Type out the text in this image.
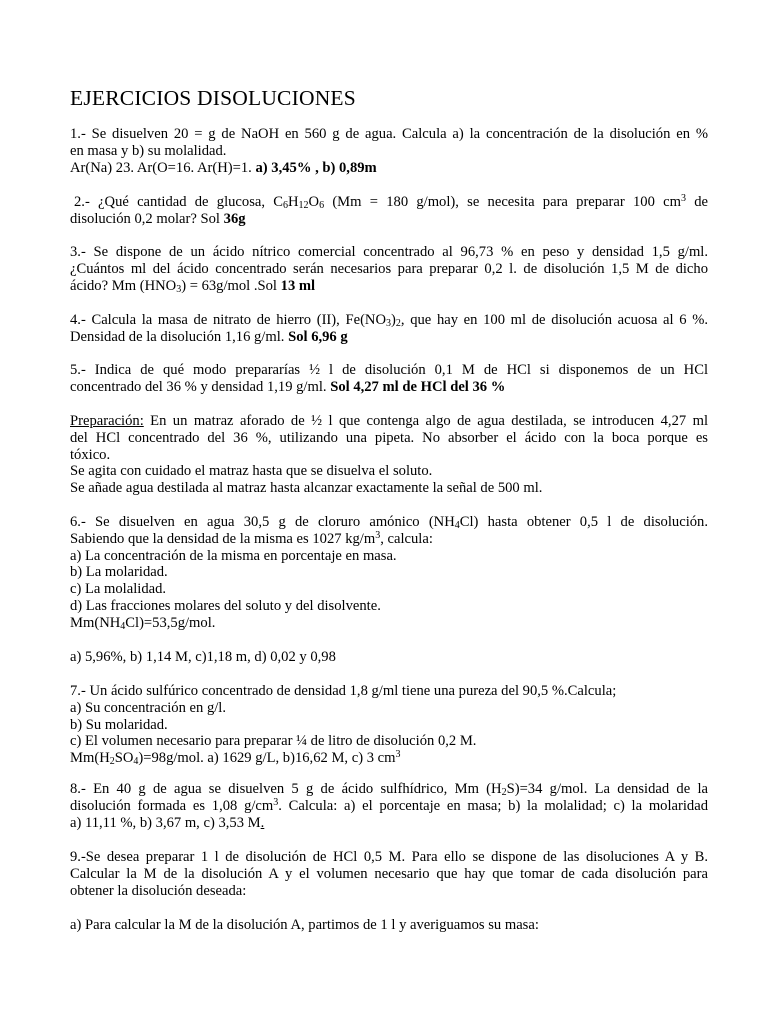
EJERCICIOS DISOLUCIONES
1.- Se disuelven 20 = g de NaOH en 560 g de agua. Calcula a) la concentración de la disolución en %
en masa y b) su molalidad.
Ar(Na) 23. Ar(O=16. Ar(H)=1. a) 3,45% , b) 0,89m
2.- ¿Qué cantidad de glucosa, $C_6H_{12}O_6$ (Mm = 180 g/mol), se necesita para preparar 100 $cm^3$ de
disolución 0,2 molar? Sol 36g
3.- Se dispone de un ácido nítrico comercial concentrado al 96,73 % en peso y densidad 1,5 g/ml.
¿Cuántos ml del ácido concentrado serán necesarios para preparar 0,2 l. de disolución 1,5 M de dicho
ácido? Mm $(HNO_3) = 63g/mol$ .Sol 13 ml
4.- Calcula la masa de nitrato de hierro (II), $Fe(NO_3)_2$, que hay en 100 ml de disolución acuosa al 6 %.
Densidad de la disolución 1,16 g/ml. Sol 6,96 g
5.- Indica de qué modo prepararías ½ l de disolución 0,1 M de HCl si disponemos de un HCl
concentrado del 36 % y densidad 1,19 g/ml. Sol 4,27 ml de HCl del 36 %
Preparación: En un matraz aforado de ½ l que contenga algo de agua destilada, se introducen 4,27 ml
del HCl concentrado del 36 %, utilizando una pipeta. No absorber el ácido con la boca porque es
tóxico.
Se agita con cuidado el matraz hasta que se disuelva el soluto.
Se añade agua destilada al matraz hasta alcanzar exactamente la señal de 500 ml.
6.- Se disuelven en agua 30,5 g de cloruro amónico $(NH_4Cl)$ hasta obtener 0,5 l de disolución.
Sabiendo que la densidad de la misma es 1027 $kg/m^3$, calcula:
a) La concentración de la misma en porcentaje en masa.
b) La molaridad.
c) La molalidad.
d) Las fracciones molares del soluto y del disolvente.
$Mm(NH_4Cl)=53,5g$/mol.
a) 5,96%, b) 1,14 M, c)1,18 m, d) 0,02 y 0,98
7.- Un ácido sulfúrico concentrado de densidad 1,8 g/ml tiene una pureza del 90,5 %.Calcula;
a) Su concentración en g/l.
b) Su molaridad.
c) El volumen necesario para preparar ¼ de litro de disolución 0,2 M.
$Mm(H_2SO_4)=98g$/mol. a) 1629 g/L, b)16,62 M, c) 3 $cm^3$
8.- En 40 g de agua se disuelven 5 g de ácido sulfhídrico, Mm $(H_2S)=34$ g/mol. La densidad de la
disolución formada es 1,08 $g/cm^3$. Calcula: a) el porcentaje en masa; b) la molalidad; c) la molaridad
a) 11,11 %, b) 3,67 m, c) 3,53 M.
9.-Se desea preparar 1 l de disolución de HCl 0,5 M. Para ello se dispone de las disoluciones A y B.
Calcular la M de la disolución A y el volumen necesario que hay que tomar de cada disolución para
obtener la disolución deseada:
a) Para calcular la M de la disolución A, partimos de 1 l y averiguamos su masa:
